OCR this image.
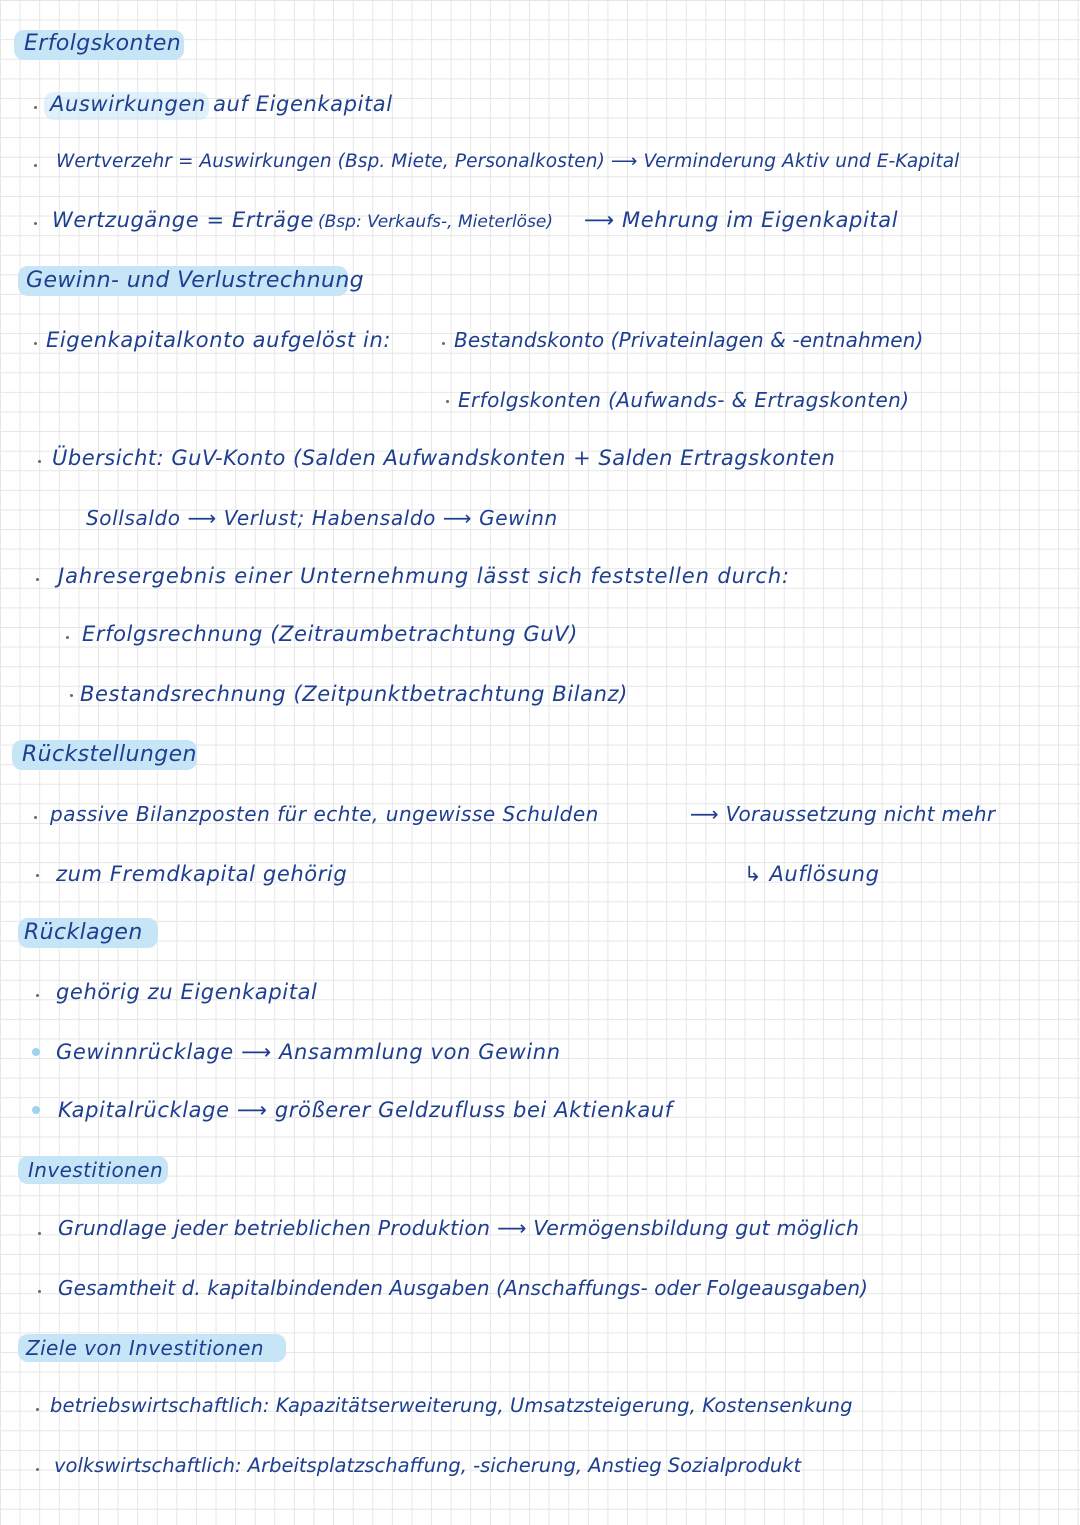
Erfolgskonten
Auswirkungen auf Eigenkapital
Wertverzehr = Auswirkungen (Bsp. Miete, Personalkosten) ⟶ Verminderung Aktiv und E-Kapital
Wertzugänge = Erträge (Bsp: Verkaufs-, Mieterlöse) ⟶ Mehrung im Eigenkapital
Gewinn- und Verlustrechnung
Eigenkapitalkonto aufgelöst in:	Bestandskonto (Privateinlagen & -entnahmen)
Erfolgskonten (Aufwands- & Ertragskonten)
Übersicht: GuV-Konto (Salden Aufwandskonten + Salden Ertragskonten
Sollsaldo ⟶ Verlust; Habensaldo ⟶ Gewinn
Jahresergebnis einer Unternehmung lässt sich feststellen durch:
Erfolgsrechnung (Zeitraumbetrachtung GuV)
Bestandsrechnung (Zeitpunktbetrachtung Bilanz)
Rückstellungen
passive Bilanzposten für echte, ungewisse Schulden	⟶ Voraussetzung nicht mehr
zum Fremdkapital gehörig	↳ Auflösung
Rücklagen
gehörig zu Eigenkapital
Gewinnrücklage ⟶ Ansammlung von Gewinn
Kapitalrücklage ⟶ größerer Geldzufluss bei Aktienkauf
Investitionen
Grundlage jeder betrieblichen Produktion ⟶ Vermögensbildung gut möglich
Gesamtheit d. kapitalbindenden Ausgaben (Anschaffungs- oder Folgeausgaben)
Ziele von Investitionen
betriebswirtschaftlich: Kapazitätserweiterung, Umsatzsteigerung, Kostensenkung
volkswirtschaftlich: Arbeitsplatzschaffung, -sicherung, Anstieg Sozialprodukt
